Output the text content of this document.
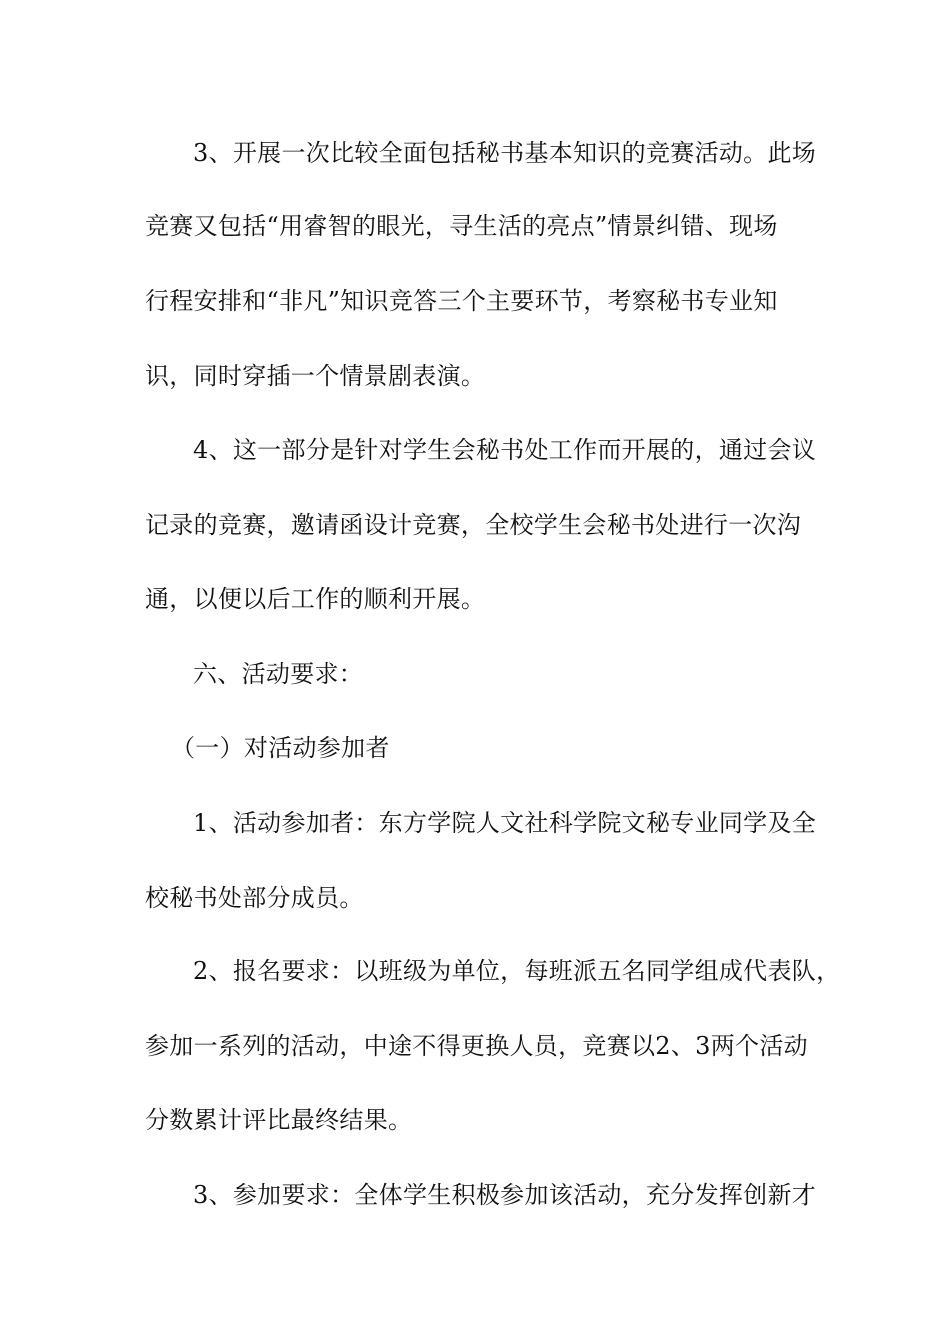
3、开展一次比较全面包括秘书基本知识的竞赛活动。此场
竞赛又包括“用睿智的眼光，寻生活的亮点”情景纠错、现场
行程安排和“非凡”知识竞答三个主要环节，考察秘书专业知
识，同时穿插一个情景剧表演。
4、这一部分是针对学生会秘书处工作而开展的，通过会议
记录的竞赛，邀请函设计竞赛，全校学生会秘书处进行一次沟
通，以便以后工作的顺利开展。
六、活动要求：
（一）对活动参加者
1、活动参加者：东方学院人文社科学院文秘专业同学及全
校秘书处部分成员。
2、报名要求：以班级为单位，每班派五名同学组成代表队，
参加一系列的活动，中途不得更换人员，竞赛以2、3两个活动
分数累计评比最终结果。
3、参加要求：全体学生积极参加该活动，充分发挥创新才
